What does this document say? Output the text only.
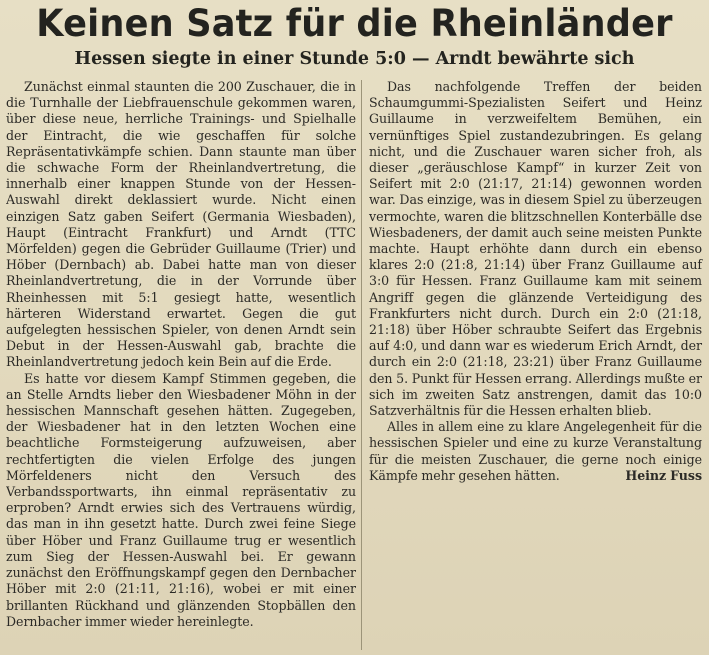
Keinen Satz für die Rheinländer
Hessen siegte in einer Stunde 5:0 — Arndt bewährte sich

Zunächst einmal staunten die 200 Zuschauer, die in die Turnhalle der Liebfrauenschule gekommen waren, über diese neue, herrliche Trainings- und Spielhalle der Eintracht, die wie geschaffen für solche Repräsentativkämpfe schien. Dann staunte man über die schwache Form der Rheinlandvertretung, die innerhalb einer knappen Stunde von der Hessen-Auswahl direkt deklassiert wurde. Nicht einen einzigen Satz gaben Seifert (Germania Wiesbaden), Haupt (Eintracht Frankfurt) und Arndt (TTC Mörfelden) gegen die Gebrüder Guillaume (Trier) und Höber (Dernbach) ab. Dabei hatte man von dieser Rheinlandvertretung, die in der Vorrunde über Rheinhessen mit 5:1 gesiegt hatte, wesentlich härteren Widerstand erwartet. Gegen die gut aufgelegten hessischen Spieler, von denen Arndt sein Debut in der Hessen-Auswahl gab, brachte die Rheinlandvertretung jedoch kein Bein auf die Erde.

Es hatte vor diesem Kampf Stimmen gegeben, die an Stelle Arndts lieber den Wiesbadener Möhn in der hessischen Mannschaft gesehen hätten. Zugegeben, der Wiesbadener hat in den letzten Wochen eine beachtliche Formsteigerung aufzuweisen, aber rechtfertigten die vielen Erfolge des jungen Mörfeldeners nicht den Versuch des Verbandssportwarts, ihn einmal repräsentativ zu erproben? Arndt erwies sich des Vertrauens würdig, das man in ihn gesetzt hatte. Durch zwei feine Siege über Höber und Franz Guillaume trug er wesentlich zum Sieg der Hessen-Auswahl bei. Er gewann zunächst den Eröffnungskampf gegen den Dernbacher Höber mit 2:0 (21:11, 21:16), wobei er mit einer brillanten Rückhand und glänzenden Stopbällen den Dernbacher immer wieder hereinlegte.

Das nachfolgende Treffen der beiden Schaumgummi-Spezialisten Seifert und Heinz Guillaume in verzweifeltem Bemühen, ein vernünftiges Spiel zustandezubringen. Es gelang nicht, und die Zuschauer waren sicher froh, als dieser „geräuschlose Kampf“ in kurzer Zeit von Seifert mit 2:0 (21:17, 21:14) gewonnen worden war. Das einzige, was in diesem Spiel zu überzeugen vermochte, waren die blitzschnellen Konterbälle dse Wiesbadeners, der damit auch seine meisten Punkte machte. Haupt erhöhte dann durch ein ebenso klares 2:0 (21:8, 21:14) über Franz Guillaume auf 3:0 für Hessen. Franz Guillaume kam mit seinem Angriff gegen die glänzende Verteidigung des Frankfurters nicht durch. Durch ein 2:0 (21:18, 21:18) über Höber schraubte Seifert das Ergebnis auf 4:0, und dann war es wiederum Erich Arndt, der durch ein 2:0 (21:18, 23:21) über Franz Guillaume den 5. Punkt für Hessen errang. Allerdings mußte er sich im zweiten Satz anstrengen, damit das 10:0 Satzverhältnis für die Hessen erhalten blieb.

Alles in allem eine zu klare Angelegenheit für die hessischen Spieler und eine zu kurze Veranstaltung für die meisten Zuschauer, die gerne noch einige Kämpfe mehr gesehen hätten.	Heinz Fuss
